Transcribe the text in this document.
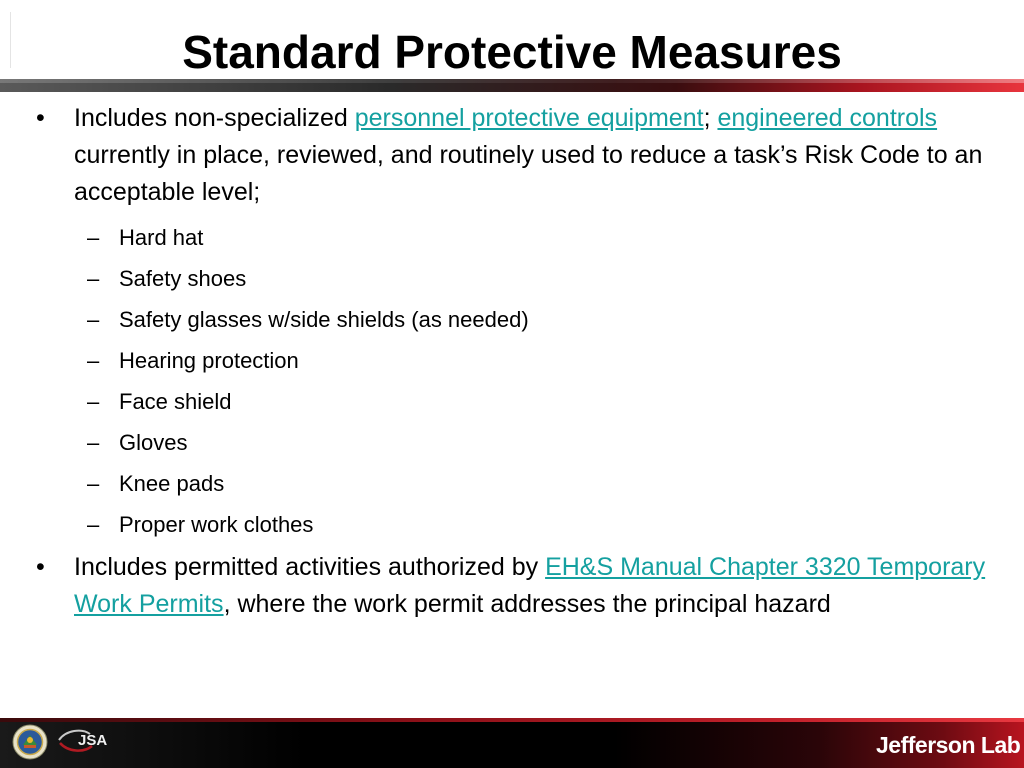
Standard Protective Measures

• Includes non-specialized personnel protective equipment; engineered controls currently in place, reviewed, and routinely used to reduce a task’s Risk Code to an acceptable level;

– Hard hat
– Safety shoes
– Safety glasses w/side shields (as needed)
– Hearing protection
– Face shield
– Gloves
– Knee pads
– Proper work clothes

• Includes permitted activities authorized by EH&S Manual Chapter 3320 Temporary Work Permits, where the work permit addresses the principal hazard

JSA	Jefferson Lab
